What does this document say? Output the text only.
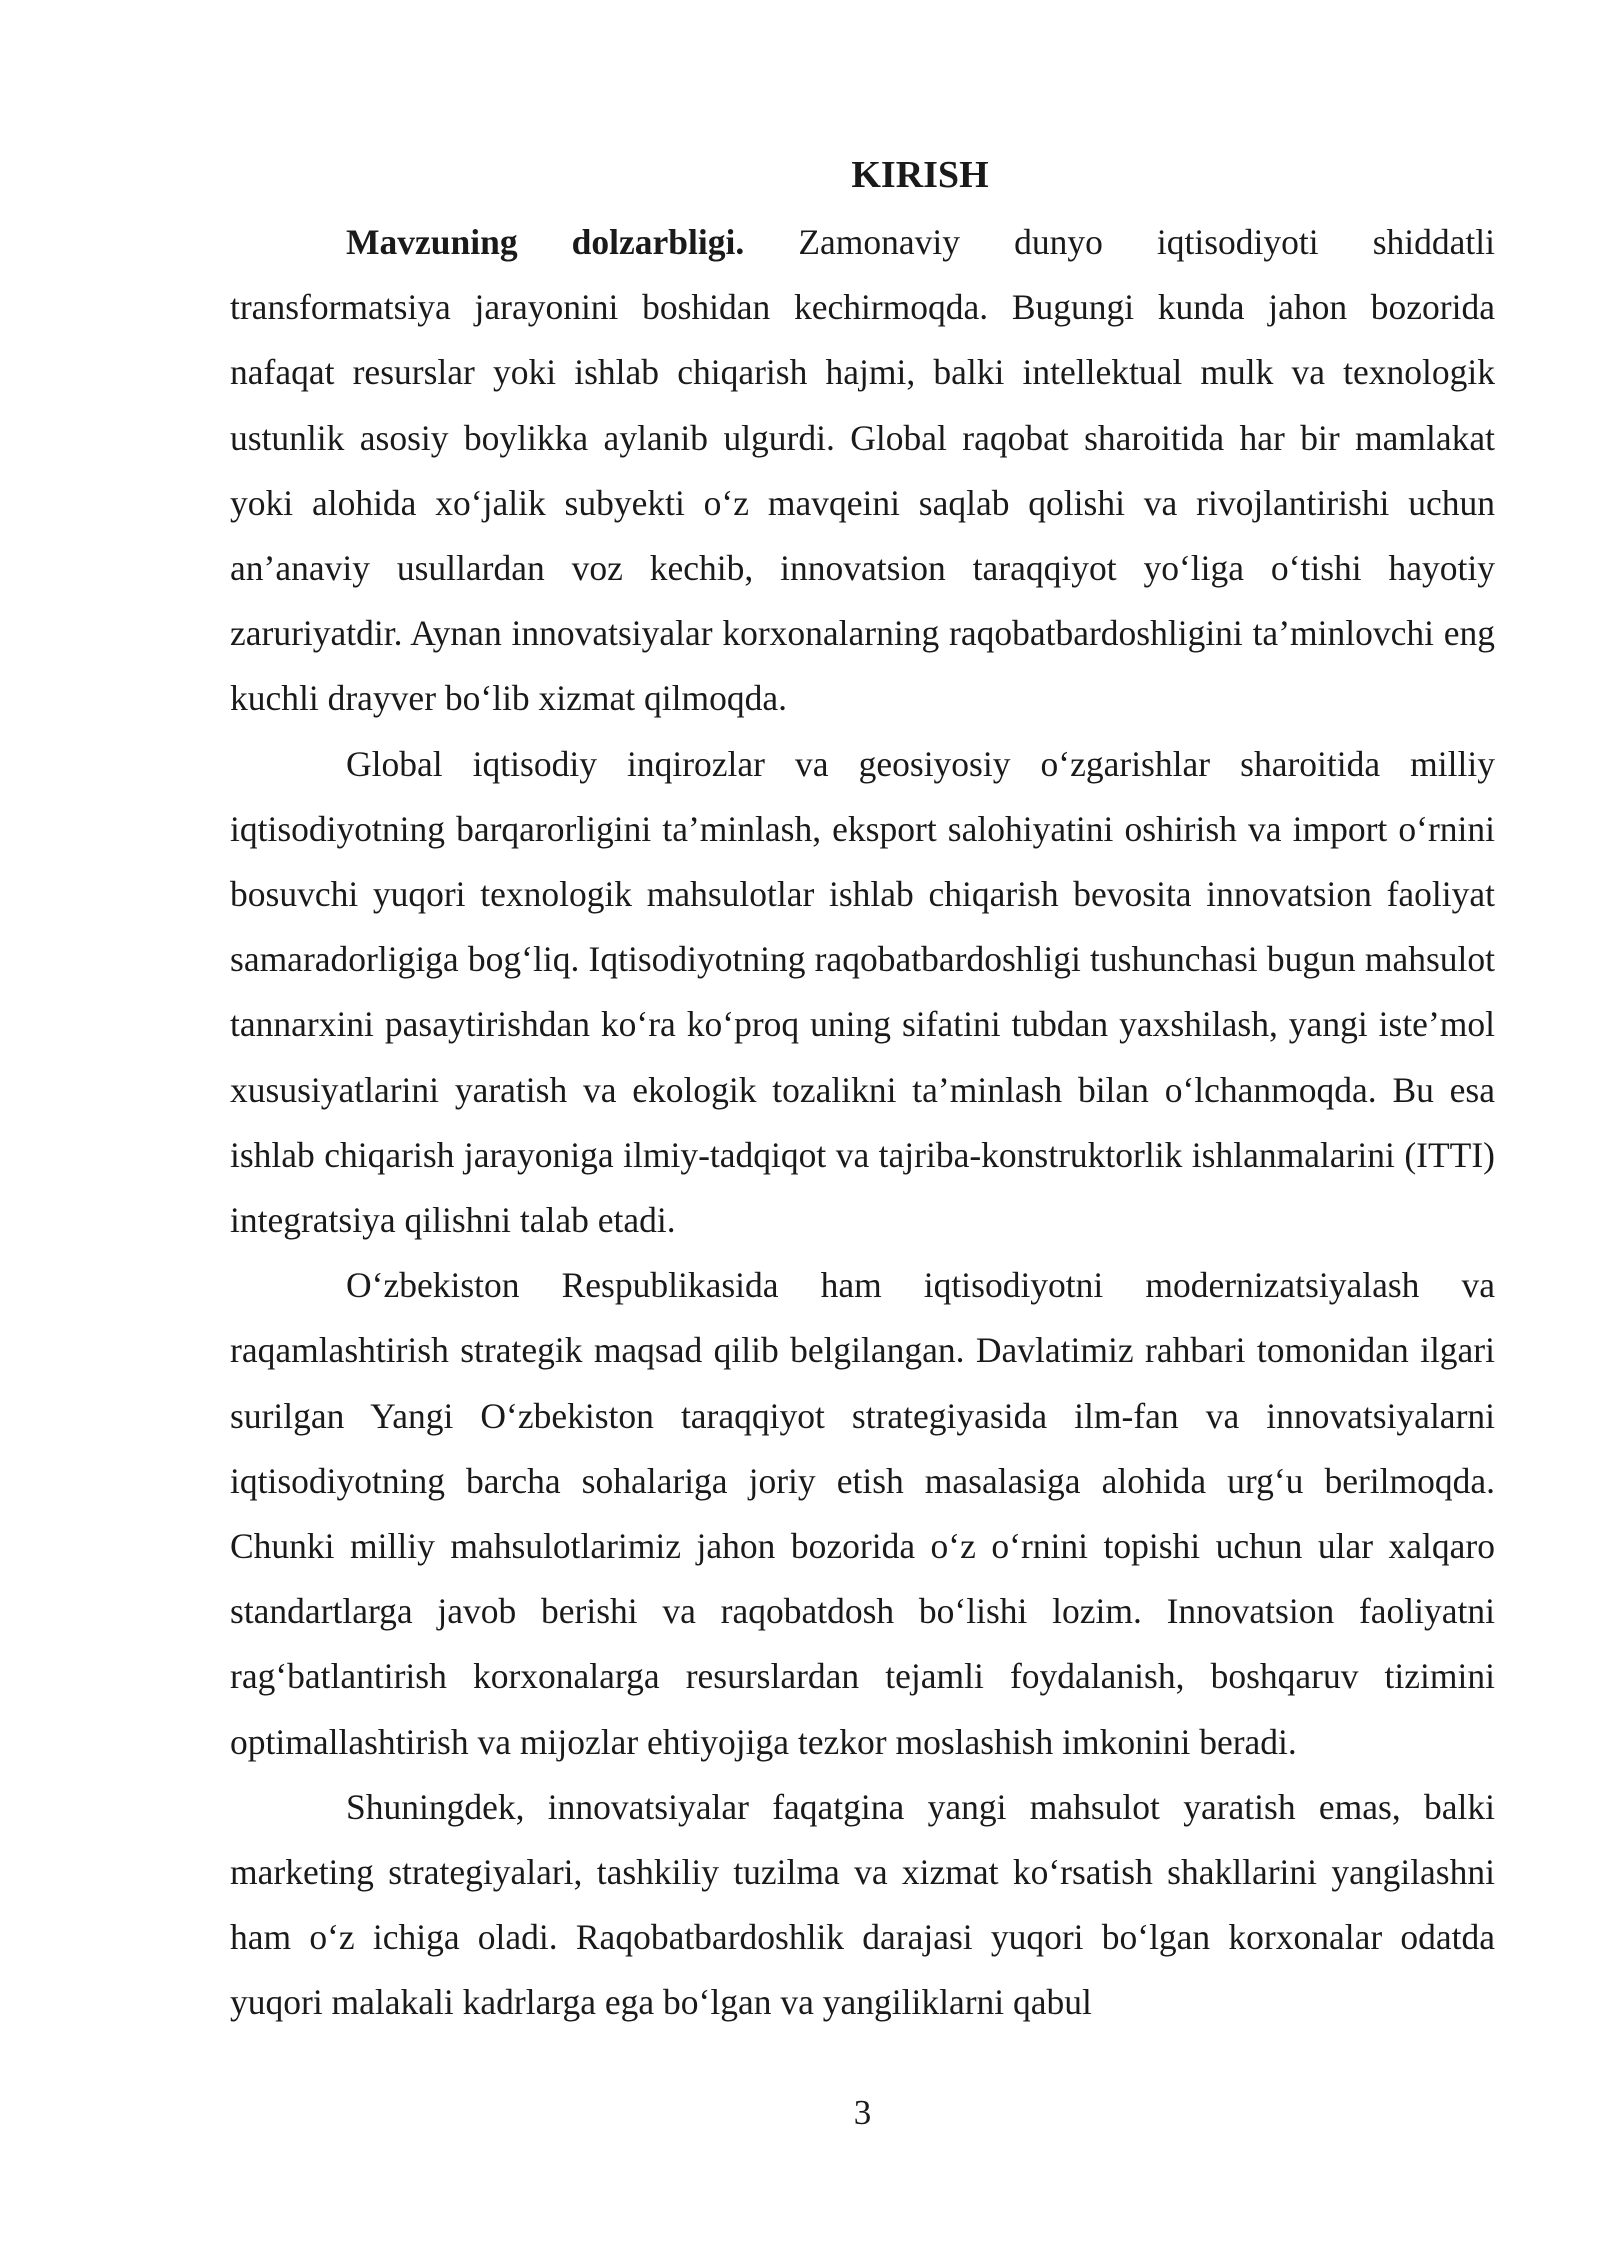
KIRISH

Mavzuning dolzarbligi. Zamonaviy dunyo iqtisodiyoti shiddatli transformatsiya jarayonini boshidan kechirmoqda. Bugungi kunda jahon bozorida nafaqat resurslar yoki ishlab chiqarish hajmi, balki intellektual mulk va texnologik ustunlik asosiy boylikka aylanib ulgurdi. Global raqobat sharoitida har bir mamlakat yoki alohida xo‘jalik subyekti o‘z mavqeini saqlab qolishi va rivojlantirishi uchun an’anaviy usullardan voz kechib, innovatsion taraqqiyot yo‘liga o‘tishi hayotiy zaruriyatdir. Aynan innovatsiyalar korxonalarning raqobatbardoshligini ta’minlovchi eng kuchli drayver bo‘lib xizmat qilmoqda.

Global iqtisodiy inqirozlar va geosiyosiy o‘zgarishlar sharoitida milliy iqtisodiyotning barqarorligini ta’minlash, eksport salohiyatini oshirish va import o‘rnini bosuvchi yuqori texnologik mahsulotlar ishlab chiqarish bevosita innovatsion faoliyat samaradorligiga bog‘liq. Iqtisodiyotning raqobatbardoshligi tushunchasi bugun mahsulot tannarxini pasaytirishdan ko‘ra ko‘proq uning sifatini tubdan yaxshilash, yangi iste’mol xususiyatlarini yaratish va ekologik tozalikni ta’minlash bilan o‘lchanmoqda. Bu esa ishlab chiqarish jarayoniga ilmiy-tadqiqot va tajriba-konstruktorlik ishlanmalarini (ITTI) integratsiya qilishni talab etadi.

O‘zbekiston Respublikasida ham iqtisodiyotni modernizatsiyalash va raqamlashtirish strategik maqsad qilib belgilangan. Davlatimiz rahbari tomonidan ilgari surilgan Yangi O‘zbekiston taraqqiyot strategiyasida ilm-fan va innovatsiyalarni iqtisodiyotning barcha sohalariga joriy etish masalasiga alohida urg‘u berilmoqda. Chunki milliy mahsulotlarimiz jahon bozorida o‘z o‘rnini topishi uchun ular xalqaro standartlarga javob berishi va raqobatdosh bo‘lishi lozim. Innovatsion faoliyatni rag‘batlantirish korxonalarga resurslardan tejamli foydalanish, boshqaruv tizimini optimallashtirish va mijozlar ehtiyojiga tezkor moslashish imkonini beradi.

Shuningdek, innovatsiyalar faqatgina yangi mahsulot yaratish emas, balki marketing strategiyalari, tashkiliy tuzilma va xizmat ko‘rsatish shakllarini yangilashni ham o‘z ichiga oladi. Raqobatbardoshlik darajasi yuqori bo‘lgan korxonalar odatda yuqori malakali kadrlarga ega bo‘lgan va yangiliklarni qabul

3
